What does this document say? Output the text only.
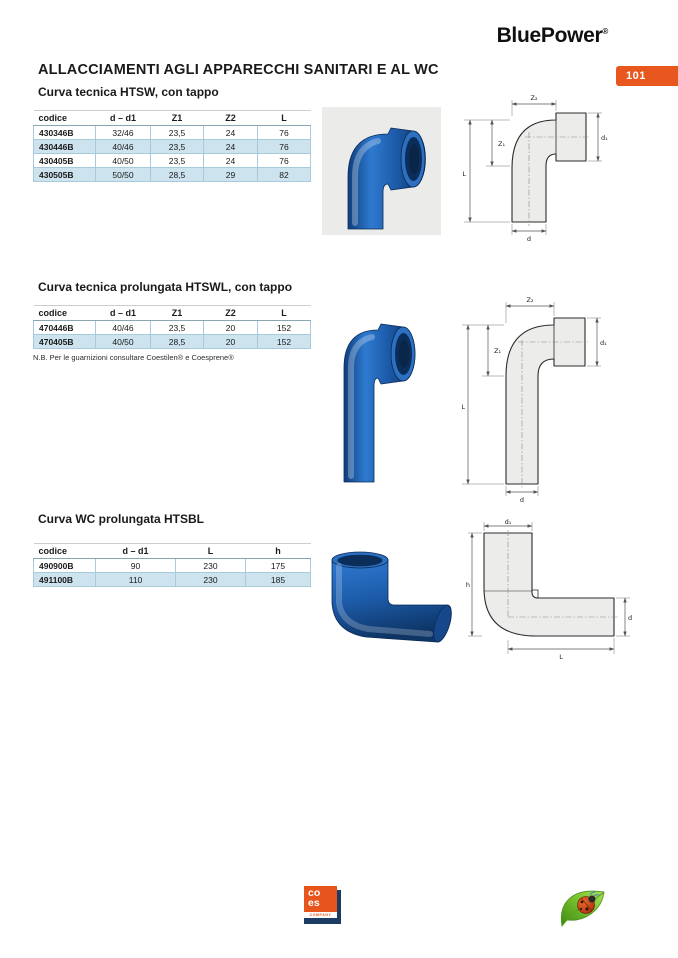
BluePower®
101
ALLACCIAMENTI AGLI APPARECCHI SANITARI E AL WC
Curva tecnica HTSW, con tappo
codice	d – d1	Z1	Z2	L
430346B	32/46	23,5	24	76
430446B	40/46	23,5	24	76
430405B	40/50	23,5	24	76
430505B	50/50	28,5	29	82
Z₂
d₁
Z₁
L
d
Curva tecnica prolungata HTSWL, con tappo
codice	d – d1	Z1	Z2	L
470446B	40/46	23,5	20	152
470405B	40/50	28,5	20	152
N.B. Per le guarnizioni consultare Coestilen® e Coesprene®
Z₂
d₁
Z₁
L
d
Curva WC prolungata HTSBL
codice	d – d1	L	h
490900B	90	230	175
491100B	110	230	185
d₁
h
d
L
co
es
COMPANY
